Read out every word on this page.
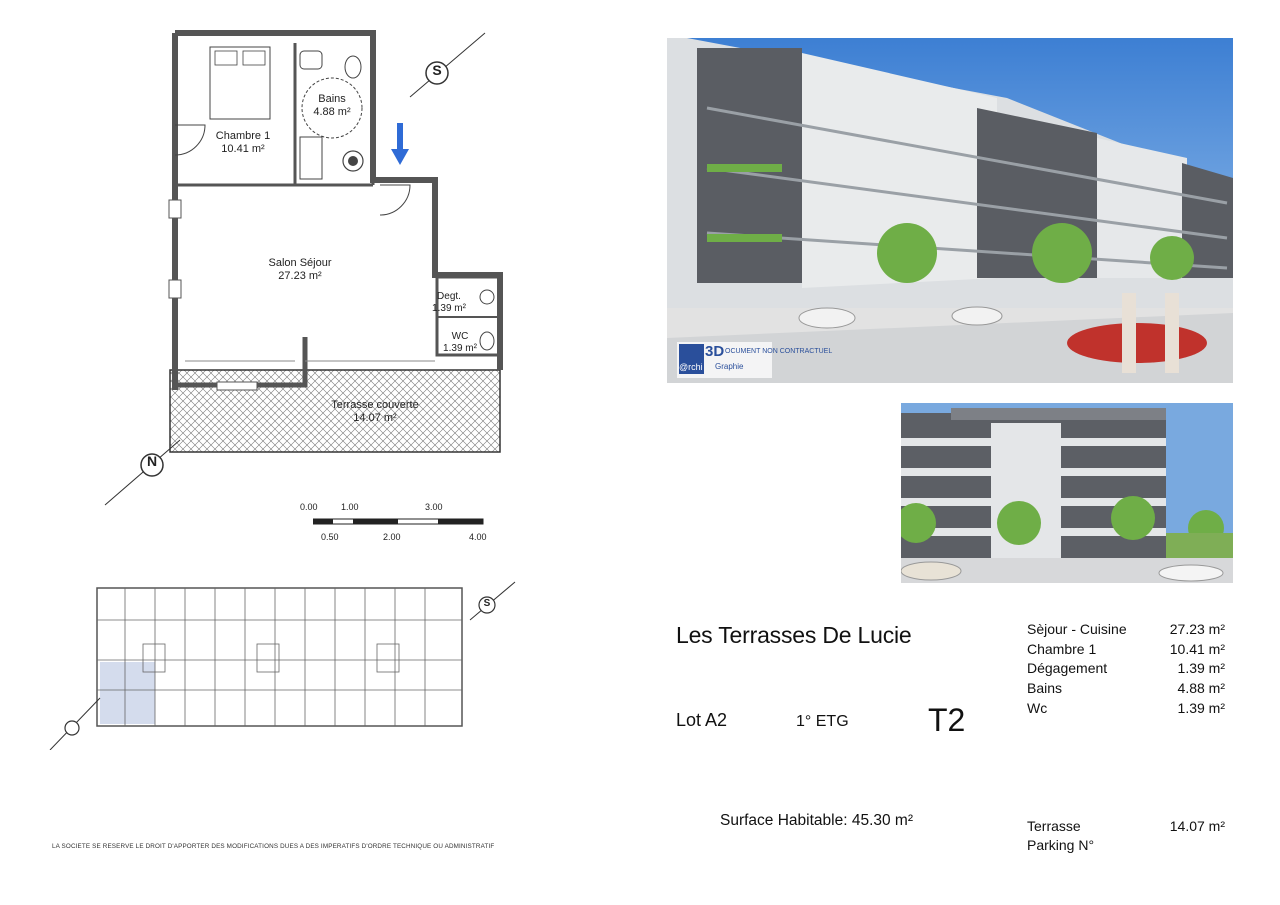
S
N
Chambre 1
10.41 m²
Bains
4.88 m²
Salon Séjour
27.23 m²
Degt.
1.39 m²
WC
1.39 m²
Terrasse couverte
14.07 m²
0.00	1.00	3.00
0.50	2.00	4.00
S
LA SOCIETE SE RESERVE LE DROIT D'APPORTER DES MODIFICATIONS DUES A DES IMPERATIFS D'ORDRE TECHNIQUE OU ADMINISTRATIF
3D OCUMENT NON CONTRACTUEL
@rchi Graphie
Les Terrasses De Lucie
Lot A2	1° ETG T2
Surface Habitable: 45.30 m²
Sèjour - Cuisine	27.23 m²
Chambre 1	10.41 m²
Dégagement	1.39 m²
Bains	4.88 m²
Wc	1.39 m²
Terrasse	14.07 m²
Parking N°
